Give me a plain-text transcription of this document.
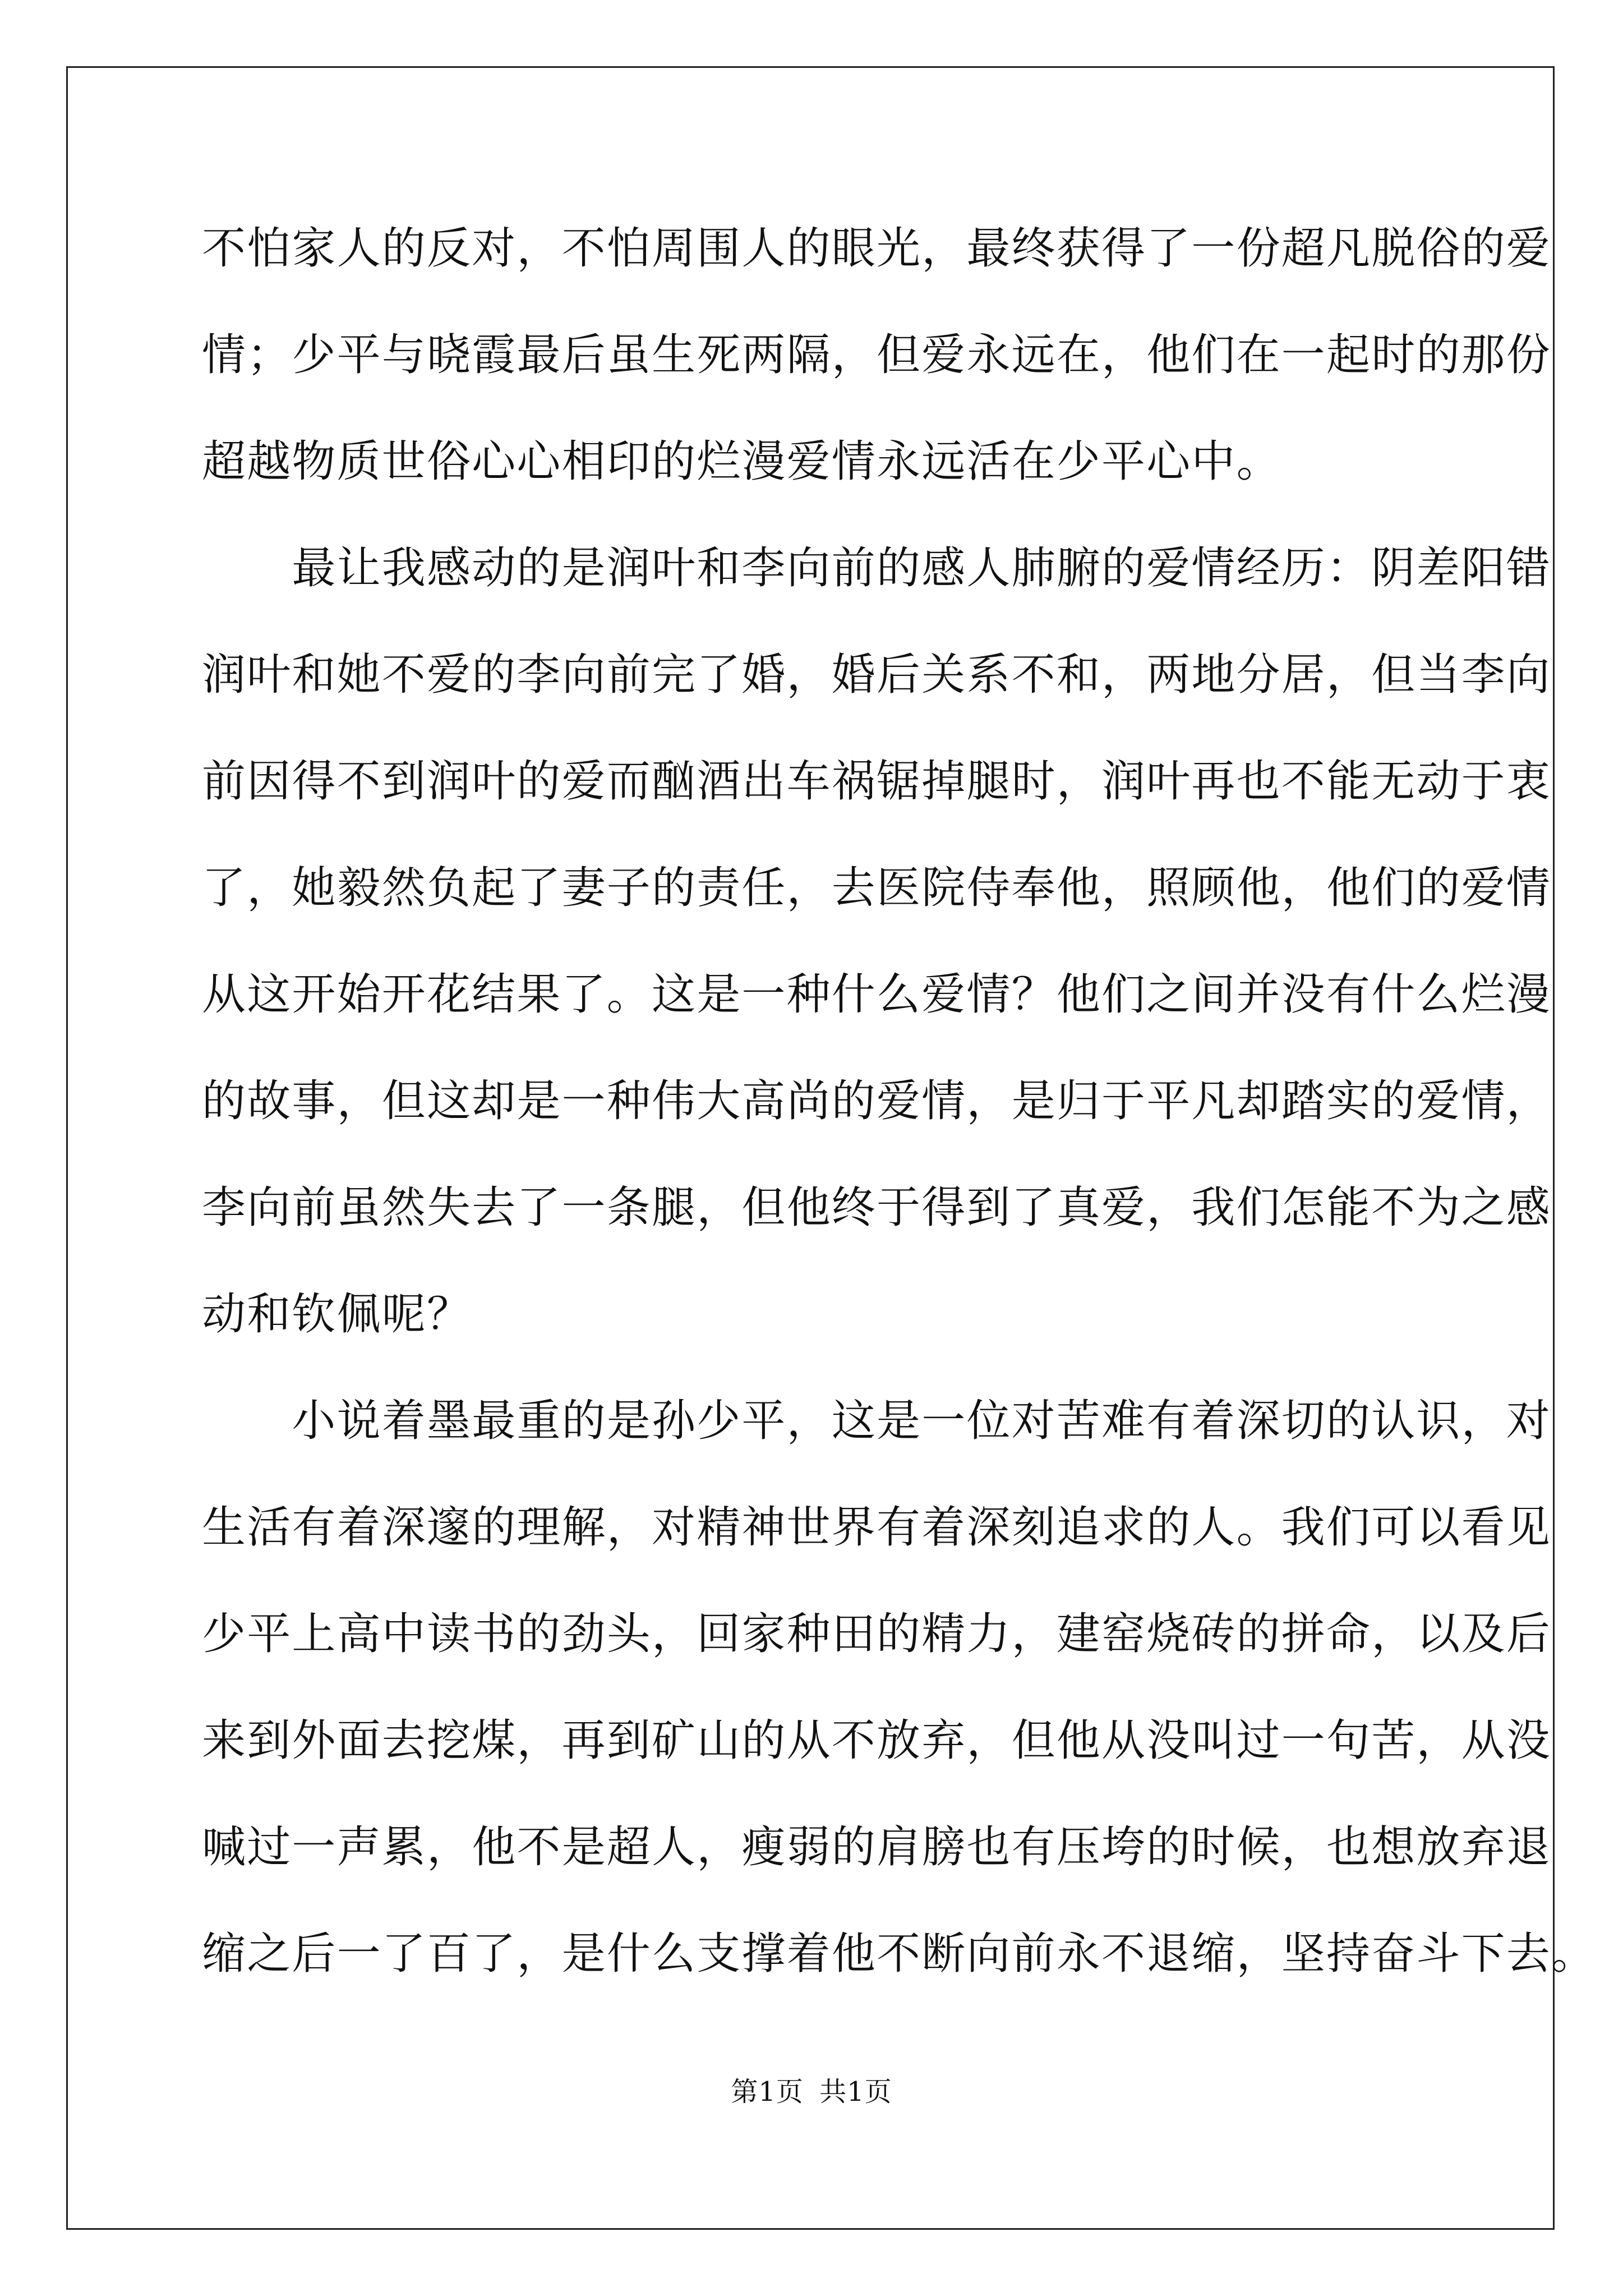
不怕家人的反对，不怕周围人的眼光，最终获得了一份超凡脱俗的爱
情；少平与晓霞最后虽生死两隔，但爱永远在，他们在一起时的那份
超越物质世俗心心相印的烂漫爱情永远活在少平心中。
　　最让我感动的是润叶和李向前的感人肺腑的爱情经历：阴差阳错
润叶和她不爱的李向前完了婚，婚后关系不和，两地分居，但当李向
前因得不到润叶的爱而酗酒出车祸锯掉腿时，润叶再也不能无动于衷
了，她毅然负起了妻子的责任，去医院侍奉他，照顾他，他们的爱情
从这开始开花结果了。这是一种什么爱情？他们之间并没有什么烂漫
的故事，但这却是一种伟大高尚的爱情，是归于平凡却踏实的爱情，
李向前虽然失去了一条腿，但他终于得到了真爱，我们怎能不为之感
动和钦佩呢？
　　小说着墨最重的是孙少平，这是一位对苦难有着深切的认识，对
生活有着深邃的理解，对精神世界有着深刻追求的人。我们可以看见
少平上高中读书的劲头，回家种田的精力，建窑烧砖的拼命，以及后
来到外面去挖煤，再到矿山的从不放弃，但他从没叫过一句苦，从没
喊过一声累，他不是超人，瘦弱的肩膀也有压垮的时候，也想放弃退
缩之后一了百了，是什么支撑着他不断向前永不退缩，坚持奋斗下去。
第1页 共1页
